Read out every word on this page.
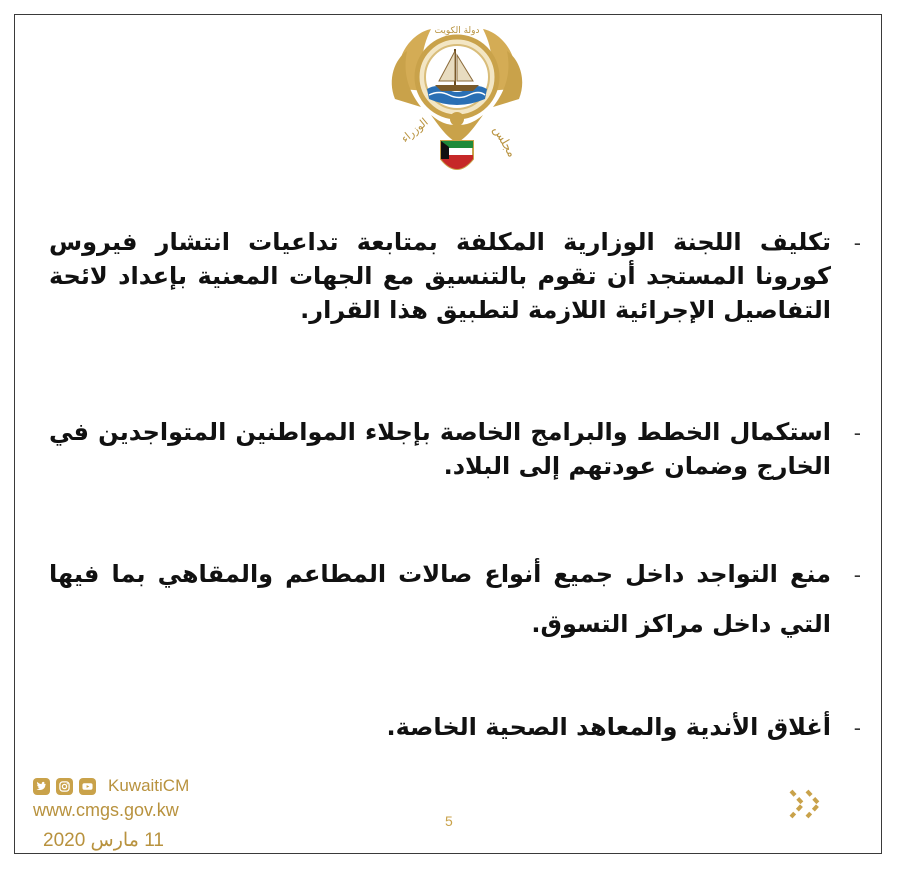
دولة الكويت
الوزراء	مجلس
-
تكليف اللجنة الوزارية المكلفة بمتابعة تداعيات انتشار فيروس كورونا المستجد أن تقوم بالتنسيق مع الجهات المعنية بإعداد لائحة التفاصيل الإجرائية اللازمة لتطبيق هذا القرار.
-
استكمال الخطط والبرامج الخاصة بإجلاء المواطنين المتواجدين في الخارج وضمان عودتهم إلى البلاد.
-
منع التواجد داخل جميع أنواع صالات المطاعم والمقاهي بما فيها التي داخل مراكز التسوق.
-
أغلاق الأندية والمعاهد الصحية الخاصة.
KuwaitiCM
www.cmgs.gov.kw
11 مارس 2020
5
